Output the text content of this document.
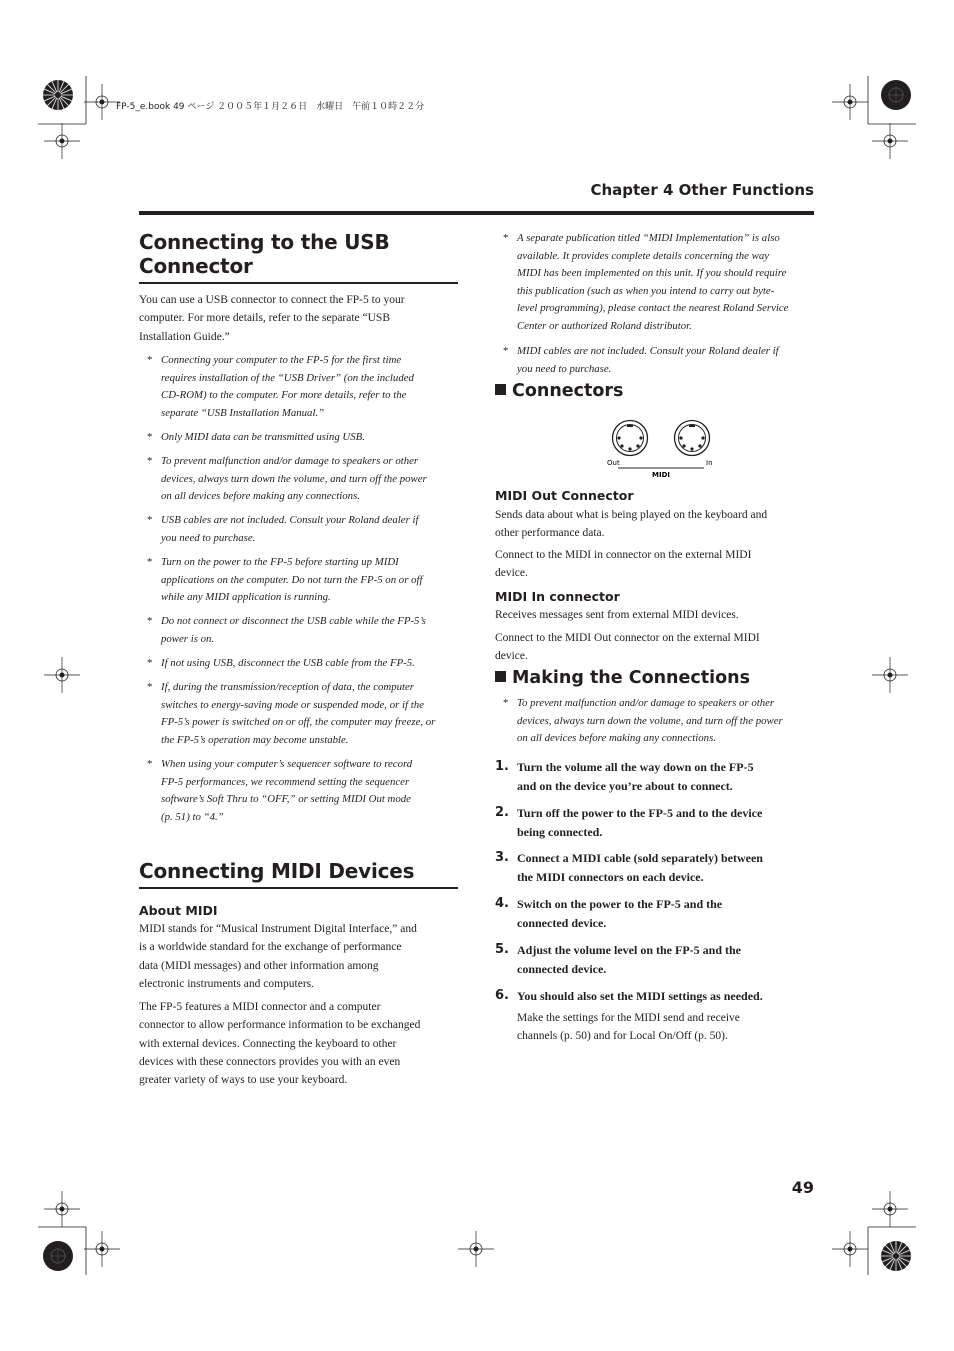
FP-5_e.book 49 ページ ２００５年１月２６日　水曜日　午前１０時２２分
Chapter 4 Other Functions
Connecting to the USB
Connector
You can use a USB connector to connect the FP-5 to your
computer. For more details, refer to the separate “USB
Installation Guide.”
* Connecting your computer to the FP-5 for the first time
requires installation of the “USB Driver” (on the included
CD-ROM) to the computer. For more details, refer to the
separate “USB Installation Manual.”
* Only MIDI data can be transmitted using USB.
* To prevent malfunction and/or damage to speakers or other
devices, always turn down the volume, and turn off the power
on all devices before making any connections.
* USB cables are not included. Consult your Roland dealer if
you need to purchase.
* Turn on the power to the FP-5 before starting up MIDI
applications on the computer. Do not turn the FP-5 on or off
while any MIDI application is running.
* Do not connect or disconnect the USB cable while the FP-5’s
power is on.
* If not using USB, disconnect the USB cable from the FP-5.
* If, during the transmission/reception of data, the computer
switches to energy-saving mode or suspended mode, or if the
FP-5’s power is switched on or off, the computer may freeze, or
the FP-5’s operation may become unstable.
* When using your computer’s sequencer software to record
FP-5 performances, we recommend setting the sequencer
software’s Soft Thru to “OFF,” or setting MIDI Out mode
(p. 51) to “4.”
Connecting MIDI Devices
About MIDI
MIDI stands for “Musical Instrument Digital Interface,” and
is a worldwide standard for the exchange of performance
data (MIDI messages) and other information among
electronic instruments and computers.
The FP-5 features a MIDI connector and a computer
connector to allow performance information to be exchanged
with external devices. Connecting the keyboard to other
devices with these connectors provides you with an even
greater variety of ways to use your keyboard.
* A separate publication titled “MIDI Implementation” is also
available. It provides complete details concerning the way
MIDI has been implemented on this unit. If you should require
this publication (such as when you intend to carry out byte-
level programming), please contact the nearest Roland Service
Center or authorized Roland distributor.
* MIDI cables are not included. Consult your Roland dealer if
you need to purchase.
Connectors
Out	In
MIDI
MIDI Out Connector
Sends data about what is being played on the keyboard and
other performance data.
Connect to the MIDI in connector on the external MIDI
device.
MIDI In connector
Receives messages sent from external MIDI devices.
Connect to the MIDI Out connector on the external MIDI
device.
Making the Connections
* To prevent malfunction and/or damage to speakers or other
devices, always turn down the volume, and turn off the power
on all devices before making any connections.
1. Turn the volume all the way down on the FP-5
and on the device you’re about to connect.
2. Turn off the power to the FP-5 and to the device
being connected.
3. Connect a MIDI cable (sold separately) between
the MIDI connectors on each device.
4. Switch on the power to the FP-5 and the
connected device.
5. Adjust the volume level on the FP-5 and the
connected device.
6. You should also set the MIDI settings as needed.
Make the settings for the MIDI send and receive
channels (p. 50) and for Local On/Off (p. 50).
49
